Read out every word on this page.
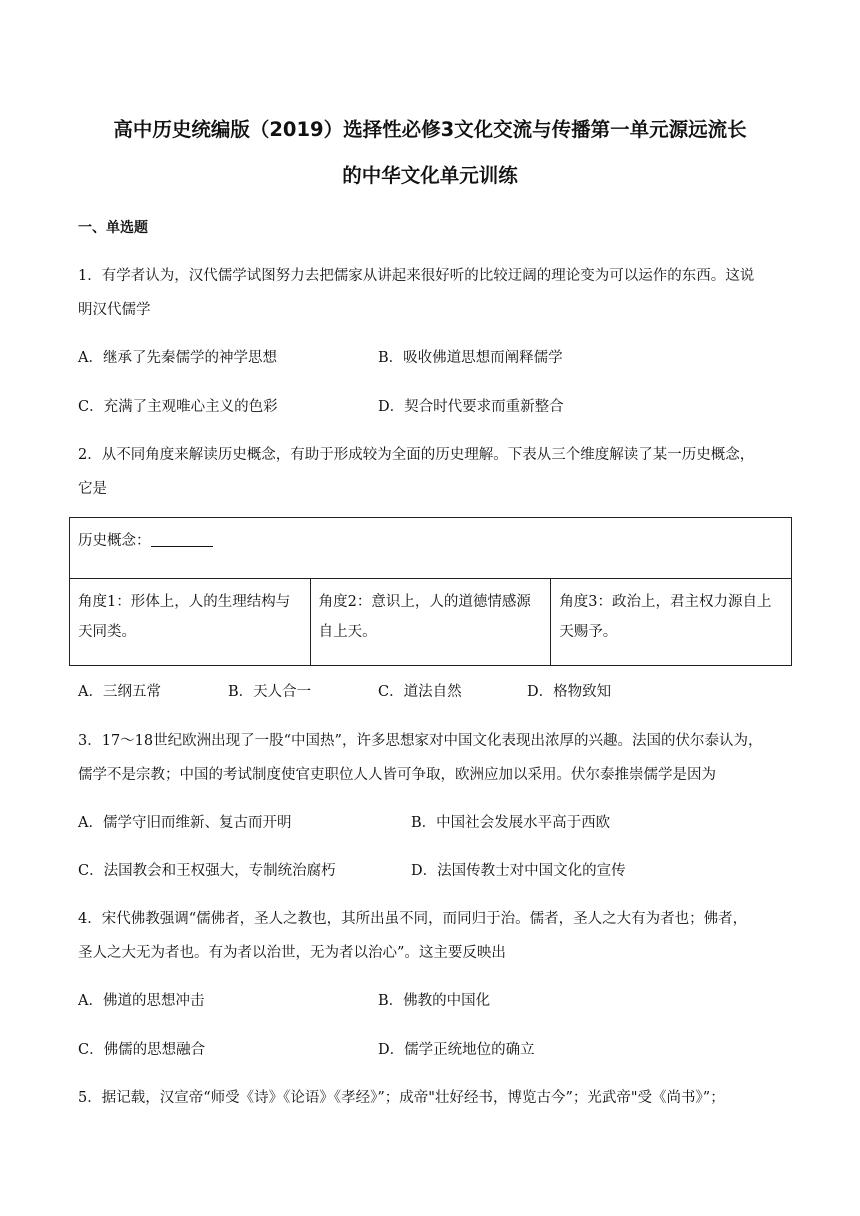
高中历史统编版（2019）选择性必修3文化交流与传播第一单元源远流长
的中华文化单元训练
一、单选题
1．有学者认为，汉代儒学试图努力去把儒家从讲起来很好听的比较迂阔的理论变为可以运作的东西。这说
明汉代儒学
A．继承了先秦儒学的神学思想	B．吸收佛道思想而阐释儒学
C．充满了主观唯心主义的色彩	D．契合时代要求而重新整合
2．从不同角度来解读历史概念，有助于形成较为全面的历史理解。下表从三个维度解读了某一历史概念，
它是
历史概念：
角度1：形体上，人的生理结构与天同类。	角度2：意识上，人的道德情感源自上天。	角度3：政治上，君主权力源自上天赐予。
A．三纲五常	B．天人合一	C．道法自然	D．格物致知
3．17～18世纪欧洲出现了一股“中国热”，许多思想家对中国文化表现出浓厚的兴趣。法国的伏尔泰认为，
儒学不是宗教；中国的考试制度使官吏职位人人皆可争取，欧洲应加以采用。伏尔泰推崇儒学是因为
A．儒学守旧而维新、复古而开明	B．中国社会发展水平高于西欧
C．法国教会和王权强大，专制统治腐朽	D．法国传教士对中国文化的宣传
4．宋代佛教强调“儒佛者，圣人之教也，其所出虽不同，而同归于治。儒者，圣人之大有为者也；佛者，
圣人之大无为者也。有为者以治世，无为者以治心”。这主要反映出
A．佛道的思想冲击	B．佛教的中国化
C．佛儒的思想融合	D．儒学正统地位的确立
5．据记载，汉宣帝“师受《诗》《论语》《孝经》”；成帝"壮好经书，博览古今”；光武帝"受《尚书》”；
